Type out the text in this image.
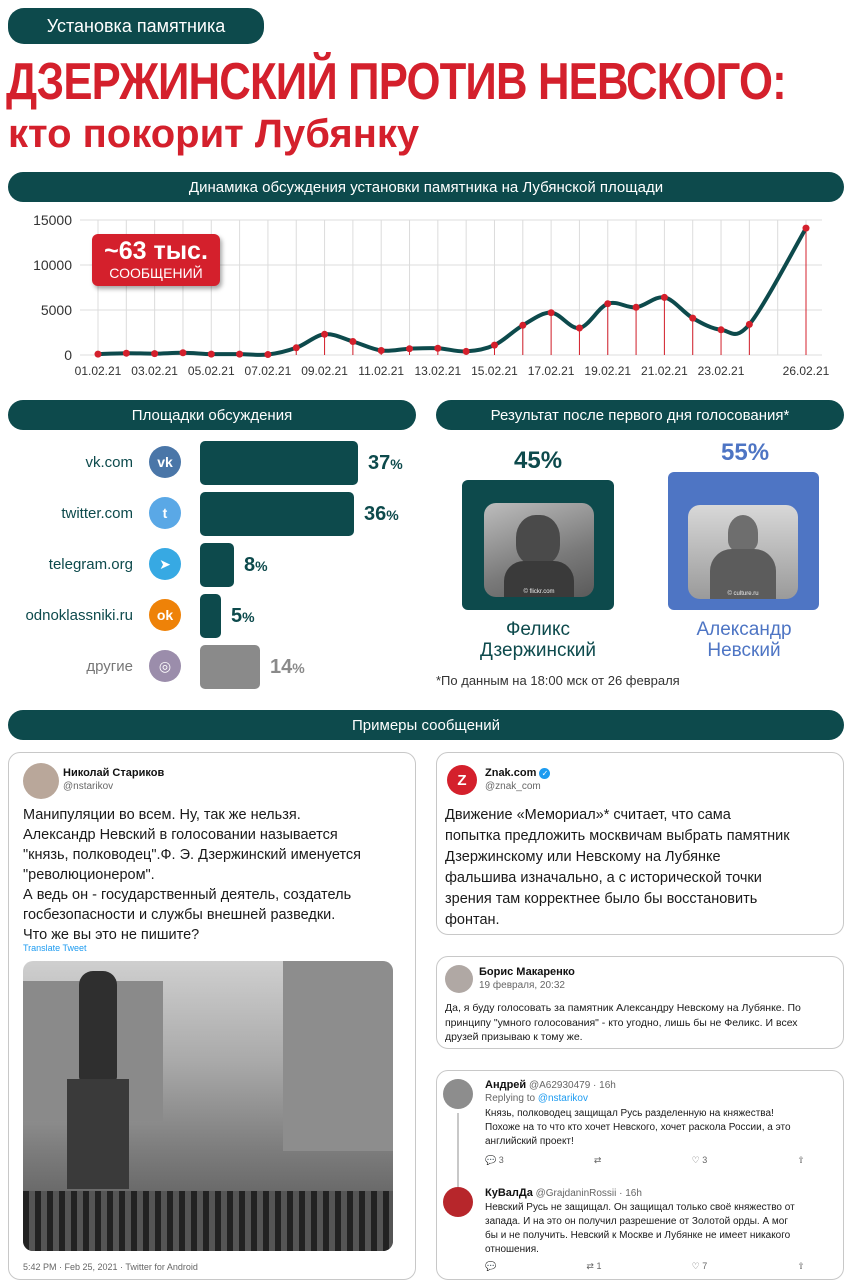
Установка памятника
ДЗЕРЖИНСКИЙ ПРОТИВ НЕВСКОГО:
кто покорит Лубянку
Динамика обсуждения установки памятника на Лубянской площади
0
5000
10000
15000
01.02.21 03.02.21 05.02.21 07.02.21 09.02.21 11.02.21 13.02.21 15.02.21 17.02.21 19.02.21 21.02.21 23.02.21	26.02.21
~63 тыс.
СООБЩЕНИЙ
Площадки обсуждения	Результат после первого дня голосования*
vk.com	vk	37%
twitter.com	t	36%
telegram.org	➤	8%
odnoklassniki.ru	ok	5%
другие	◎	14%
45%
© flickr.com
Феликс
Дзержинский
55%
© culture.ru
Александр
Невский
*По данным на 18:00 мск от 26 февраля
Примеры сообщений
Николай Стариков
@nstarikov
Манипуляции во всем. Ну, так же нельзя.
Александр Невский в голосовании называется
"князь, полководец".Ф. Э. Дзержинский именуется
"революционером".
А ведь он - государственный деятель, создатель
госбезопасности и службы внешней разведки.
Что же вы это не пишите?
Translate Tweet
5:42 PM · Feb 25, 2021 · Twitter for Android
Z	Znak.com ✓
@znak_com
Движение «Мемориал»* считает, что сама
попытка предложить москвичам выбрать памятник
Дзержинскому или Невскому на Лубянке
фальшива изначально, а с исторической точки
зрения там корректнее было бы восстановить
фонтан.
Борис Макаренко
19 февраля, 20:32
Да, я буду голосовать за памятник Александру Невскому на Лубянке. По
принципу "умного голосования" - кто угодно, лишь бы не Феликс. И всех
друзей призываю к тому же.
Андрей @A62930479 · 16h
Replying to @nstarikov
Князь, полководец защищал Русь разделенную на княжества!
Похоже на то что кто хочет Невского, хочет раскола России, а это
английский проект!
💬 3	⇄	♡ 3	⇧
КуВалДа @GrajdaninRossii · 16h
Невский Русь не защищал. Он защищал только своё княжество от
запада. И на это он получил разрешение от Золотой орды. А мог
бы и не получить. Невский к Москве и Лубянке не имеет никакого
отношения.
💬	⇄ 1	♡ 7	⇧
